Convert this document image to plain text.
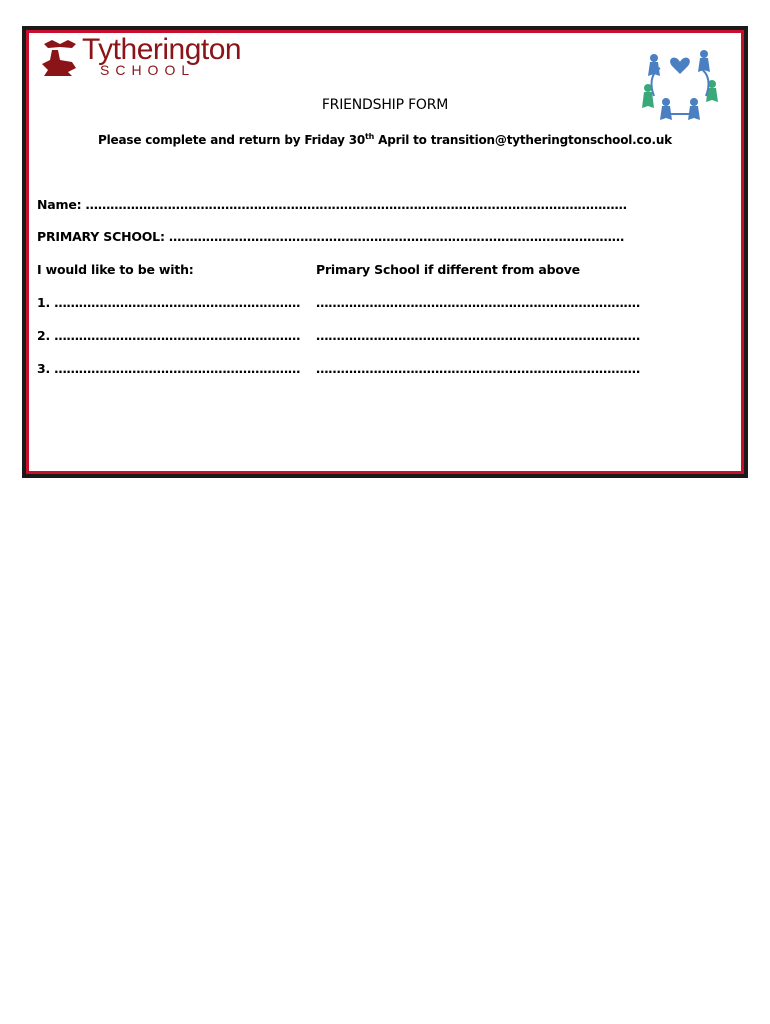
Tytherington
SCHOOL
FRIENDSHIP FORM
Please complete and return by Friday 30th April to transition@tytheringtonschool.co.uk
Name: ……………………………………………………………………………………………………………………
PRIMARY SCHOOL: …………………………………………………………………………………………………
I would like to be with:	Primary School if different from above
1. …………………………………………………… …………………………………………………………………….
2. …………………………………………………… …………………………………………………………………….
3. …………………………………………………… …………………………………………………………………….
